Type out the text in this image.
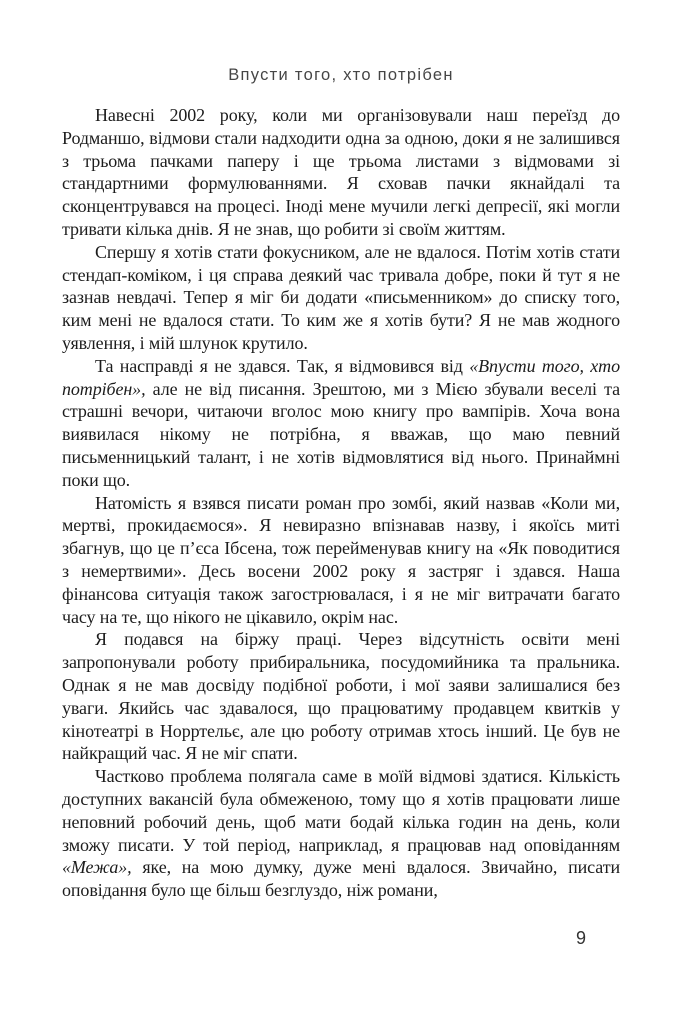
Впусти того, хто потрібен

Навесні 2002 року, коли ми організовували наш переїзд до Родманшо, відмови стали надходити одна за одною, доки я не залишився з трьома пачками паперу і ще трьома листами з відмовами зі стандартними формулюваннями. Я сховав пачки якнайдалі та сконцентрувався на процесі. Іноді мене мучили легкі депресії, які могли тривати кілька днів. Я не знав, що робити зі своїм життям.

Спершу я хотів стати фокусником, але не вдалося. Потім хотів стати стендап-коміком, і ця справа деякий час тривала добре, поки й тут я не зазнав невдачі. Тепер я міг би додати «письменником» до списку того, ким мені не вдалося стати. То ким же я хотів бути? Я не мав жодного уявлення, і мій шлунок крутило.

Та насправді я не здався. Так, я відмовився від «Впусти того, хто потрібен», але не від писання. Зрештою, ми з Мією збували веселі та страшні вечори, читаючи вголос мою книгу про вампірів. Хоча вона виявилася нікому не потрібна, я вважав, що маю певний письменницький талант, і не хотів відмовлятися від нього. Принаймні поки що.

Натомість я взявся писати роман про зомбі, який назвав «Коли ми, мертві, прокидаємося». Я невиразно впізнавав назву, і якоїсь миті збагнув, що це п’єса Ібсена, тож перейменував книгу на «Як поводитися з немертвими». Десь восени 2002 року я застряг і здався. Наша фінансова ситуація також загострювалася, і я не міг витрачати багато часу на те, що нікого не цікавило, окрім нас.

Я подався на біржу праці. Через відсутність освіти мені запропонували роботу прибиральника, посудомийника та пральника. Однак я не мав досвіду подібної роботи, і мої заяви залишалися без уваги. Якийсь час здавалося, що працюватиму продавцем квитків у кінотеатрі в Норртельє, але цю роботу отримав хтось інший. Це був не найкращий час. Я не міг спати.

Частково проблема полягала саме в моїй відмові здатися. Кількість доступних вакансій була обмеженою, тому що я хотів працювати лише неповний робочий день, щоб мати бодай кілька годин на день, коли зможу писати. У той період, наприклад, я працював над оповіданням «Межа», яке, на мою думку, дуже мені вдалося. Звичайно, писати оповідання було ще більш безглуздо, ніж романи,

9
